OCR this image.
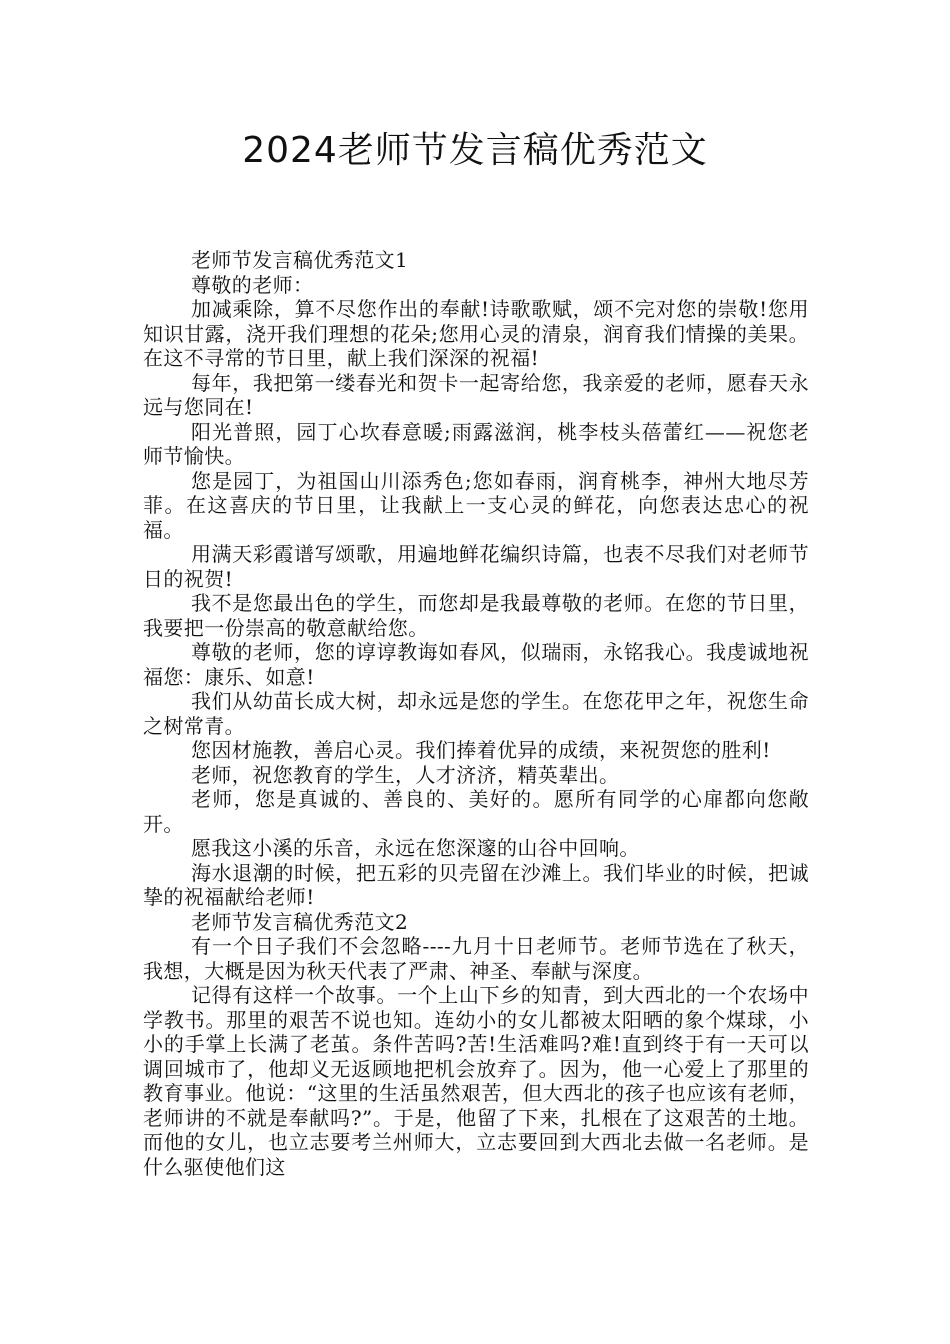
2024老师节发言稿优秀范文

老师节发言稿优秀范文1

尊敬的老师：

加减乘除，算不尽您作出的奉献!诗歌歌赋，颂不完对您的崇敬!您用知识甘露，浇开我们理想的花朵;您用心灵的清泉，润育我们情操的美果。在这不寻常的节日里，献上我们深深的祝福!

每年，我把第一缕春光和贺卡一起寄给您，我亲爱的老师，愿春天永远与您同在!

阳光普照，园丁心坎春意暖;雨露滋润，桃李枝头蓓蕾红——祝您老师节愉快。

您是园丁，为祖国山川添秀色;您如春雨，润育桃李，神州大地尽芳菲。在这喜庆的节日里，让我献上一支心灵的鲜花，向您表达忠心的祝福。

用满天彩霞谱写颂歌，用遍地鲜花编织诗篇，也表不尽我们对老师节日的祝贺!

我不是您最出色的学生，而您却是我最尊敬的老师。在您的节日里，我要把一份崇高的敬意献给您。

尊敬的老师，您的谆谆教诲如春风，似瑞雨，永铭我心。我虔诚地祝福您：康乐、如意!

我们从幼苗长成大树，却永远是您的学生。在您花甲之年，祝您生命之树常青。

您因材施教，善启心灵。我们捧着优异的成绩，来祝贺您的胜利!

老师，祝您教育的学生，人才济济，精英辈出。

老师，您是真诚的、善良的、美好的。愿所有同学的心扉都向您敞开。

愿我这小溪的乐音，永远在您深邃的山谷中回响。

海水退潮的时候，把五彩的贝壳留在沙滩上。我们毕业的时候，把诚挚的祝福献给老师!

老师节发言稿优秀范文2

有一个日子我们不会忽略----九月十日老师节。老师节选在了秋天，我想，大概是因为秋天代表了严肃、神圣、奉献与深度。

记得有这样一个故事。一个上山下乡的知青，到大西北的一个农场中学教书。那里的艰苦不说也知。连幼小的女儿都被太阳晒的象个煤球，小小的手掌上长满了老茧。条件苦吗?苦!生活难吗?难!直到终于有一天可以调回城市了，他却义无返顾地把机会放弃了。因为，他一心爱上了那里的教育事业。他说：“这里的生活虽然艰苦，但大西北的孩子也应该有老师，老师讲的不就是奉献吗?”。于是，他留了下来，扎根在了这艰苦的土地。而他的女儿，也立志要考兰州师大，立志要回到大西北去做一名老师。是什么驱使他们这
